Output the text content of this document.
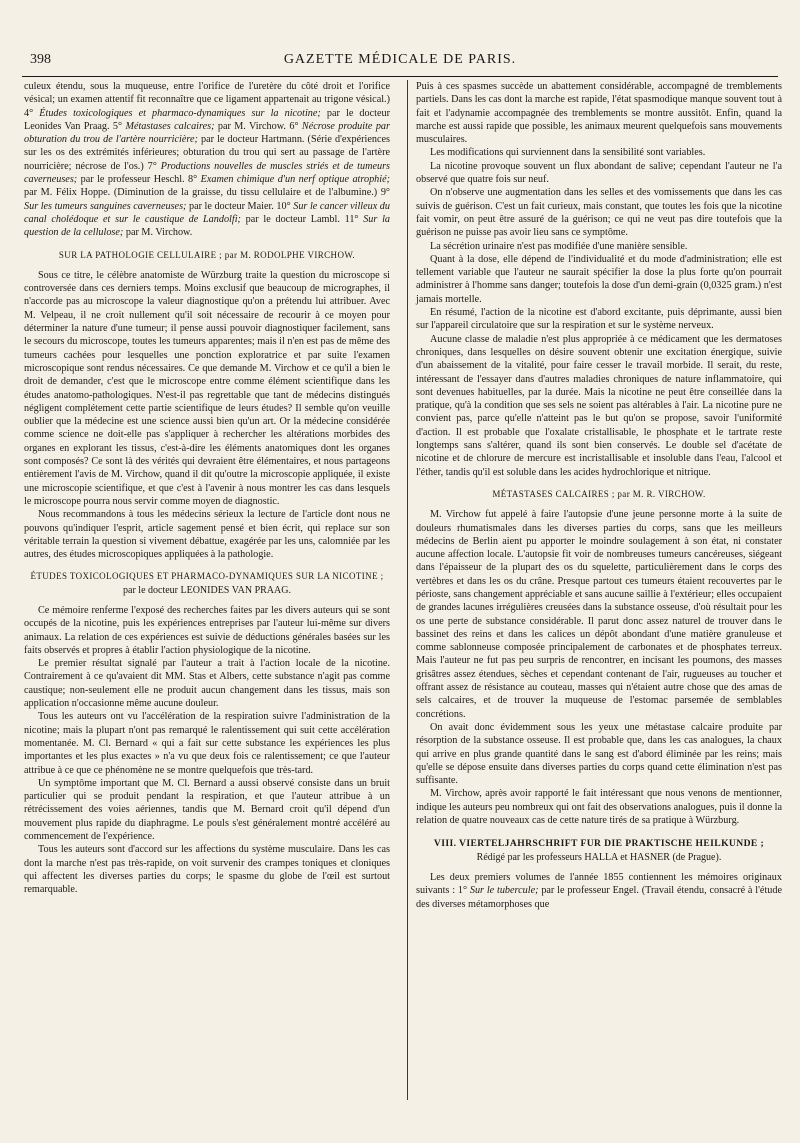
398	GAZETTE MÉDICALE DE PARIS.

culeux étendu, sous la muqueuse, entre l'orifice de l'uretère du côté droit et l'orifice vésical; un examen attentif fit reconnaître que ce ligament appartenait au trigone vésical.) 4° Études toxicologiques et pharmaco-dynamiques sur la nicotine; par le docteur Leonides Van Praag. 5° Métastases calcaires; par M. Virchow. 6° Nécrose produite par obturation du trou de l'artère nourricière; par le docteur Hartmann. (Série d'expériences sur les os des extrémités inférieures; obturation du trou qui sert au passage de l'artère nourricière; nécrose de l'os.) 7° Productions nouvelles de muscles striés et de tumeurs caverneuses; par le professeur Heschl. 8° Examen chimique d'un nerf optique atrophié; par M. Félix Hoppe. (Diminution de la graisse, du tissu cellulaire et de l'albumine.) 9° Sur les tumeurs sanguines caverneuses; par le docteur Maier. 10° Sur le cancer villeux du canal cholédoque et sur le caustique de Landolfi; par le docteur Lambl. 11° Sur la question de la cellulose; par M. Virchow.

SUR LA PATHOLOGIE CELLULAIRE ; par M. RODOLPHE VIRCHOW.

Sous ce titre, le célèbre anatomiste de Würzburg traite la question du microscope si controversée dans ces derniers temps. Moins exclusif que beaucoup de micrographes, il n'accorde pas au microscope la valeur diagnostique qu'on a prétendu lui attribuer. Avec M. Velpeau, il ne croit nullement qu'il soit nécessaire de recourir à ce moyen pour déterminer la nature d'une tumeur; il pense aussi pouvoir diagnostiquer facilement, sans le secours du microscope, toutes les tumeurs apparentes; mais il n'en est pas de même des tumeurs cachées pour lesquelles une ponction exploratrice et par suite l'examen microscopique sont rendus nécessaires. Ce que demande M. Virchow et ce qu'il a bien le droit de demander, c'est que le microscope entre comme élément scientifique dans les études anatomo-pathologiques. N'est-il pas regrettable que tant de médecins distingués négligent complétement cette partie scientifique de leurs études? Il semble qu'on veuille oublier que la médecine est une science aussi bien qu'un art. Or la médecine considérée comme science ne doit-elle pas s'appliquer à rechercher les altérations morbides des organes en explorant les tissus, c'est-à-dire les éléments anatomiques dont les organes sont composés? Ce sont là des vérités qui devraient être élémentaires, et nous partageons entièrement l'avis de M. Virchow, quand il dit qu'outre la microscopie appliquée, il existe une microscopie scientifique, et que c'est à l'avenir à nous montrer les cas dans lesquels le microscope pourra nous servir comme moyen de diagnostic.

Nous recommandons à tous les médecins sérieux la lecture de l'article dont nous ne pouvons qu'indiquer l'esprit, article sagement pensé et bien écrit, qui replace sur son véritable terrain la question si vivement débattue, exagérée par les uns, calomniée par les autres, des études microscopiques appliquées à la pathologie.

ÉTUDES TOXICOLOGIQUES ET PHARMACO-DYNAMIQUES SUR LA NICOTINE ;
par le docteur LEONIDES VAN PRAAG.

Ce mémoire renferme l'exposé des recherches faites par les divers auteurs qui se sont occupés de la nicotine, puis les expériences entreprises par l'auteur lui-même sur divers animaux. La relation de ces expériences est suivie de déductions générales basées sur les faits observés et propres à établir l'action physiologique de la nicotine.

Le premier résultat signalé par l'auteur a trait à l'action locale de la nicotine. Contrairement à ce qu'avaient dit MM. Stas et Albers, cette substance n'agit pas comme caustique; non-seulement elle ne produit aucun changement dans les tissus, mais son application n'occasionne même aucune douleur.

Tous les auteurs ont vu l'accélération de la respiration suivre l'administration de la nicotine; mais la plupart n'ont pas remarqué le ralentissement qui suit cette accélération momentanée. M. Cl. Bernard « qui a fait sur cette substance les expériences les plus importantes et les plus exactes » n'a vu que deux fois ce ralentissement; ce que l'auteur attribue à ce que ce phénomène ne se montre quelquefois que très-tard.

Un symptôme important que M. Cl. Bernard a aussi observé consiste dans un bruit particulier qui se produit pendant la respiration, et que l'auteur attribue à un rétrécissement des voies aériennes, tandis que M. Bernard croit qu'il dépend d'un mouvement plus rapide du diaphragme. Le pouls s'est généralement montré accéléré au commencement de l'expérience.

Tous les auteurs sont d'accord sur les affections du système musculaire. Dans les cas dont la marche n'est pas très-rapide, on voit survenir des crampes toniques et cloniques qui affectent les diverses parties du corps; le spasme du globe de l'œil est surtout remarquable.

Puis à ces spasmes succède un abattement considérable, accompagné de tremblements partiels. Dans les cas dont la marche est rapide, l'état spasmodique manque souvent tout à fait et l'adynamie accompagnée des tremblements se montre aussitôt. Enfin, quand la marche est aussi rapide que possible, les animaux meurent quelquefois sans mouvements musculaires.

Les modifications qui surviennent dans la sensibilité sont variables.

La nicotine provoque souvent un flux abondant de salive; cependant l'auteur ne l'a observé que quatre fois sur neuf.

On n'observe une augmentation dans les selles et des vomissements que dans les cas suivis de guérison. C'est un fait curieux, mais constant, que toutes les fois que la nicotine fait vomir, on peut être assuré de la guérison; ce qui ne veut pas dire toutefois que la guérison ne puisse pas avoir lieu sans ce symptôme.

La sécrétion urinaire n'est pas modifiée d'une manière sensible.

Quant à la dose, elle dépend de l'individualité et du mode d'administration; elle est tellement variable que l'auteur ne saurait spécifier la dose la plus forte qu'on pourrait administrer à l'homme sans danger; toutefois la dose d'un demi-grain (0,0325 gram.) n'est jamais mortelle.

En résumé, l'action de la nicotine est d'abord excitante, puis déprimante, aussi bien sur l'appareil circulatoire que sur la respiration et sur le système nerveux.

Aucune classe de maladie n'est plus appropriée à ce médicament que les dermatoses chroniques, dans lesquelles on désire souvent obtenir une excitation énergique, suivie d'un abaissement de la vitalité, pour faire cesser le travail morbide. Il serait, du reste, intéressant de l'essayer dans d'autres maladies chroniques de nature inflammatoire, qui sont devenues habituelles, par la durée. Mais la nicotine ne peut être conseillée dans la pratique, qu'à la condition que ses sels ne soient pas altérables à l'air. La nicotine pure ne convient pas, parce qu'elle n'atteint pas le but qu'on se propose, savoir l'uniformité d'action. Il est probable que l'oxalate cristallisable, le phosphate et le tartrate reste longtemps sans s'altérer, quand ils sont bien conservés. Le double sel d'acétate de nicotine et de chlorure de mercure est incristallisable et insoluble dans l'eau, l'alcool et l'éther, tandis qu'il est soluble dans les acides hydrochlorique et nitrique.

MÉTASTASES CALCAIRES ; par M. R. VIRCHOW.

M. Virchow fut appelé à faire l'autopsie d'une jeune personne morte à la suite de douleurs rhumatismales dans les diverses parties du corps, sans que les meilleurs médecins de Berlin aient pu apporter le moindre soulagement à son état, ni constater aucune affection locale. L'autopsie fit voir de nombreuses tumeurs cancéreuses, siégeant dans l'épaisseur de la plupart des os du squelette, particulièrement dans le corps des vertèbres et dans les os du crâne. Presque partout ces tumeurs étaient recouvertes par le périoste, sans changement appréciable et sans aucune saillie à l'extérieur; elles occupaient de grandes lacunes irrégulières creusées dans la substance osseuse, d'où résultait pour les os une perte de substance considérable. Il parut donc assez naturel de trouver dans le bassinet des reins et dans les calices un dépôt abondant d'une matière granuleuse et comme sablonneuse composée principalement de carbonates et de phosphates terreux. Mais l'auteur ne fut pas peu surpris de rencontrer, en incisant les poumons, des masses grisâtres assez étendues, sèches et cependant contenant de l'air, rugueuses au toucher et offrant assez de résistance au couteau, masses qui n'étaient autre chose que des amas de sels calcaires, et de trouver la muqueuse de l'estomac parsemée de semblables concrétions.

On avait donc évidemment sous les yeux une métastase calcaire produite par résorption de la substance osseuse. Il est probable que, dans les cas analogues, la chaux qui arrive en plus grande quantité dans le sang est d'abord éliminée par les reins; mais qu'elle se dépose ensuite dans diverses parties du corps quand cette élimination n'est pas suffisante.

M. Virchow, après avoir rapporté le fait intéressant que nous venons de mentionner, indique les auteurs peu nombreux qui ont fait des observations analogues, puis il donne la relation de quatre nouveaux cas de cette nature tirés de sa pratique à Würzburg.

VIII. VIERTELJAHRSCHRIFT FUR DIE PRAKTISCHE HEILKUNDE ;
Rédigé par les professeurs HALLA et HASNER (de Prague).

Les deux premiers volumes de l'année 1855 contiennent les mémoires originaux suivants : 1° Sur le tubercule; par le professeur Engel. (Travail étendu, consacré à l'étude des diverses métamorphoses que
